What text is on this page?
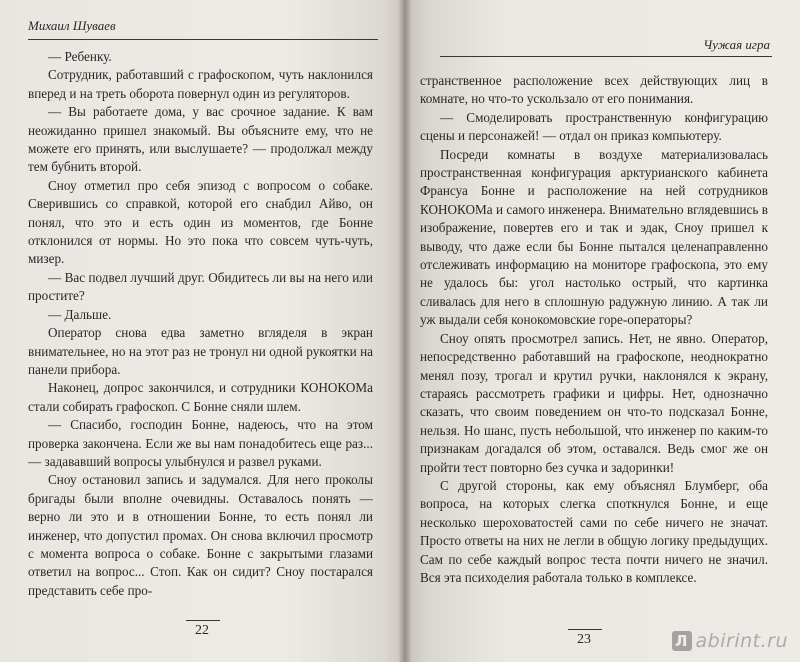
Михаил Шуваев

— Ребенку.

Сотрудник, работавший с графоскопом, чуть наклонился вперед и на треть оборота повернул один из регуляторов.

— Вы работаете дома, у вас срочное задание. К вам неожиданно пришел знакомый. Вы объясните ему, что не можете его принять, или выслушаете? — продолжал между тем бубнить второй.

Сноу отметил про себя эпизод с вопросом о собаке. Сверившись со справкой, которой его снабдил Айво, он понял, что это и есть один из моментов, где Бонне отклонился от нормы. Но это пока что совсем чуть-чуть, мизер.

— Вас подвел лучший друг. Обидитесь ли вы на него или простите?

— Дальше.

Оператор снова едва заметно вгляделя в экран внимательнее, но на этот раз не тронул ни одной рукоятки на панели прибора.

Наконец, допрос закончился, и сотрудники КОНОКОМа стали собирать графоскоп. С Бонне сняли шлем.

— Спасибо, господин Бонне, надеюсь, что на этом проверка закончена. Если же вы нам понадобитесь еще раз... — задававший вопросы улыбнулся и развел руками.

Сноу остановил запись и задумался. Для него проколы бригады были вполне очевидны. Оставалось понять — верно ли это и в отношении Бонне, то есть понял ли инженер, что допустил промах. Он снова включил просмотр с момента вопроса о собаке. Бонне с закрытыми глазами ответил на вопрос... Стоп. Как он сидит? Сноу постарался представить себе про-

22
Чужая игра

странственное расположение всех действующих лиц в комнате, но что-то ускользало от его понимания.

— Смоделировать пространственную конфигурацию сцены и персонажей! — отдал он приказ компьютеру.

Посреди комнаты в воздухе материализовалась пространственная конфигурация арктурианского кабинета Франсуа Бонне и расположение на ней сотрудников КОНОКОМа и самого инженера. Внимательно вглядевшись в изображение, повертев его и так и эдак, Сноу пришел к выводу, что даже если бы Бонне пытался целенаправленно отслеживать информацию на мониторе графоскопа, это ему не удалось бы: угол настолько острый, что картинка сливалась для него в сплошную радужную линию. А так ли уж выдали себя конокомовские горе-операторы?

Сноу опять просмотрел запись. Нет, не явно. Оператор, непосредственно работавший на графоскопе, неоднократно менял позу, трогал и крутил ручки, наклонялся к экрану, стараясь рассмотреть графики и цифры. Нет, однозначно сказать, что своим поведением он что-то подсказал Бонне, нельзя. Но шанс, пусть небольшой, что инженер по каким-то признакам догадался об этом, оставался. Ведь смог же он пройти тест повторно без сучка и задоринки!

С другой стороны, как ему объяснял Блумберг, оба вопроса, на которых слегка споткнулся Бонне, и еще несколько шероховатостей сами по себе ничего не значат. Просто ответы на них не легли в общую логику предыдущих. Сам по себе каждый вопрос теста почти ничего не значил. Вся эта психоделия работала только в комплексе.

23	Л abirint.ru
